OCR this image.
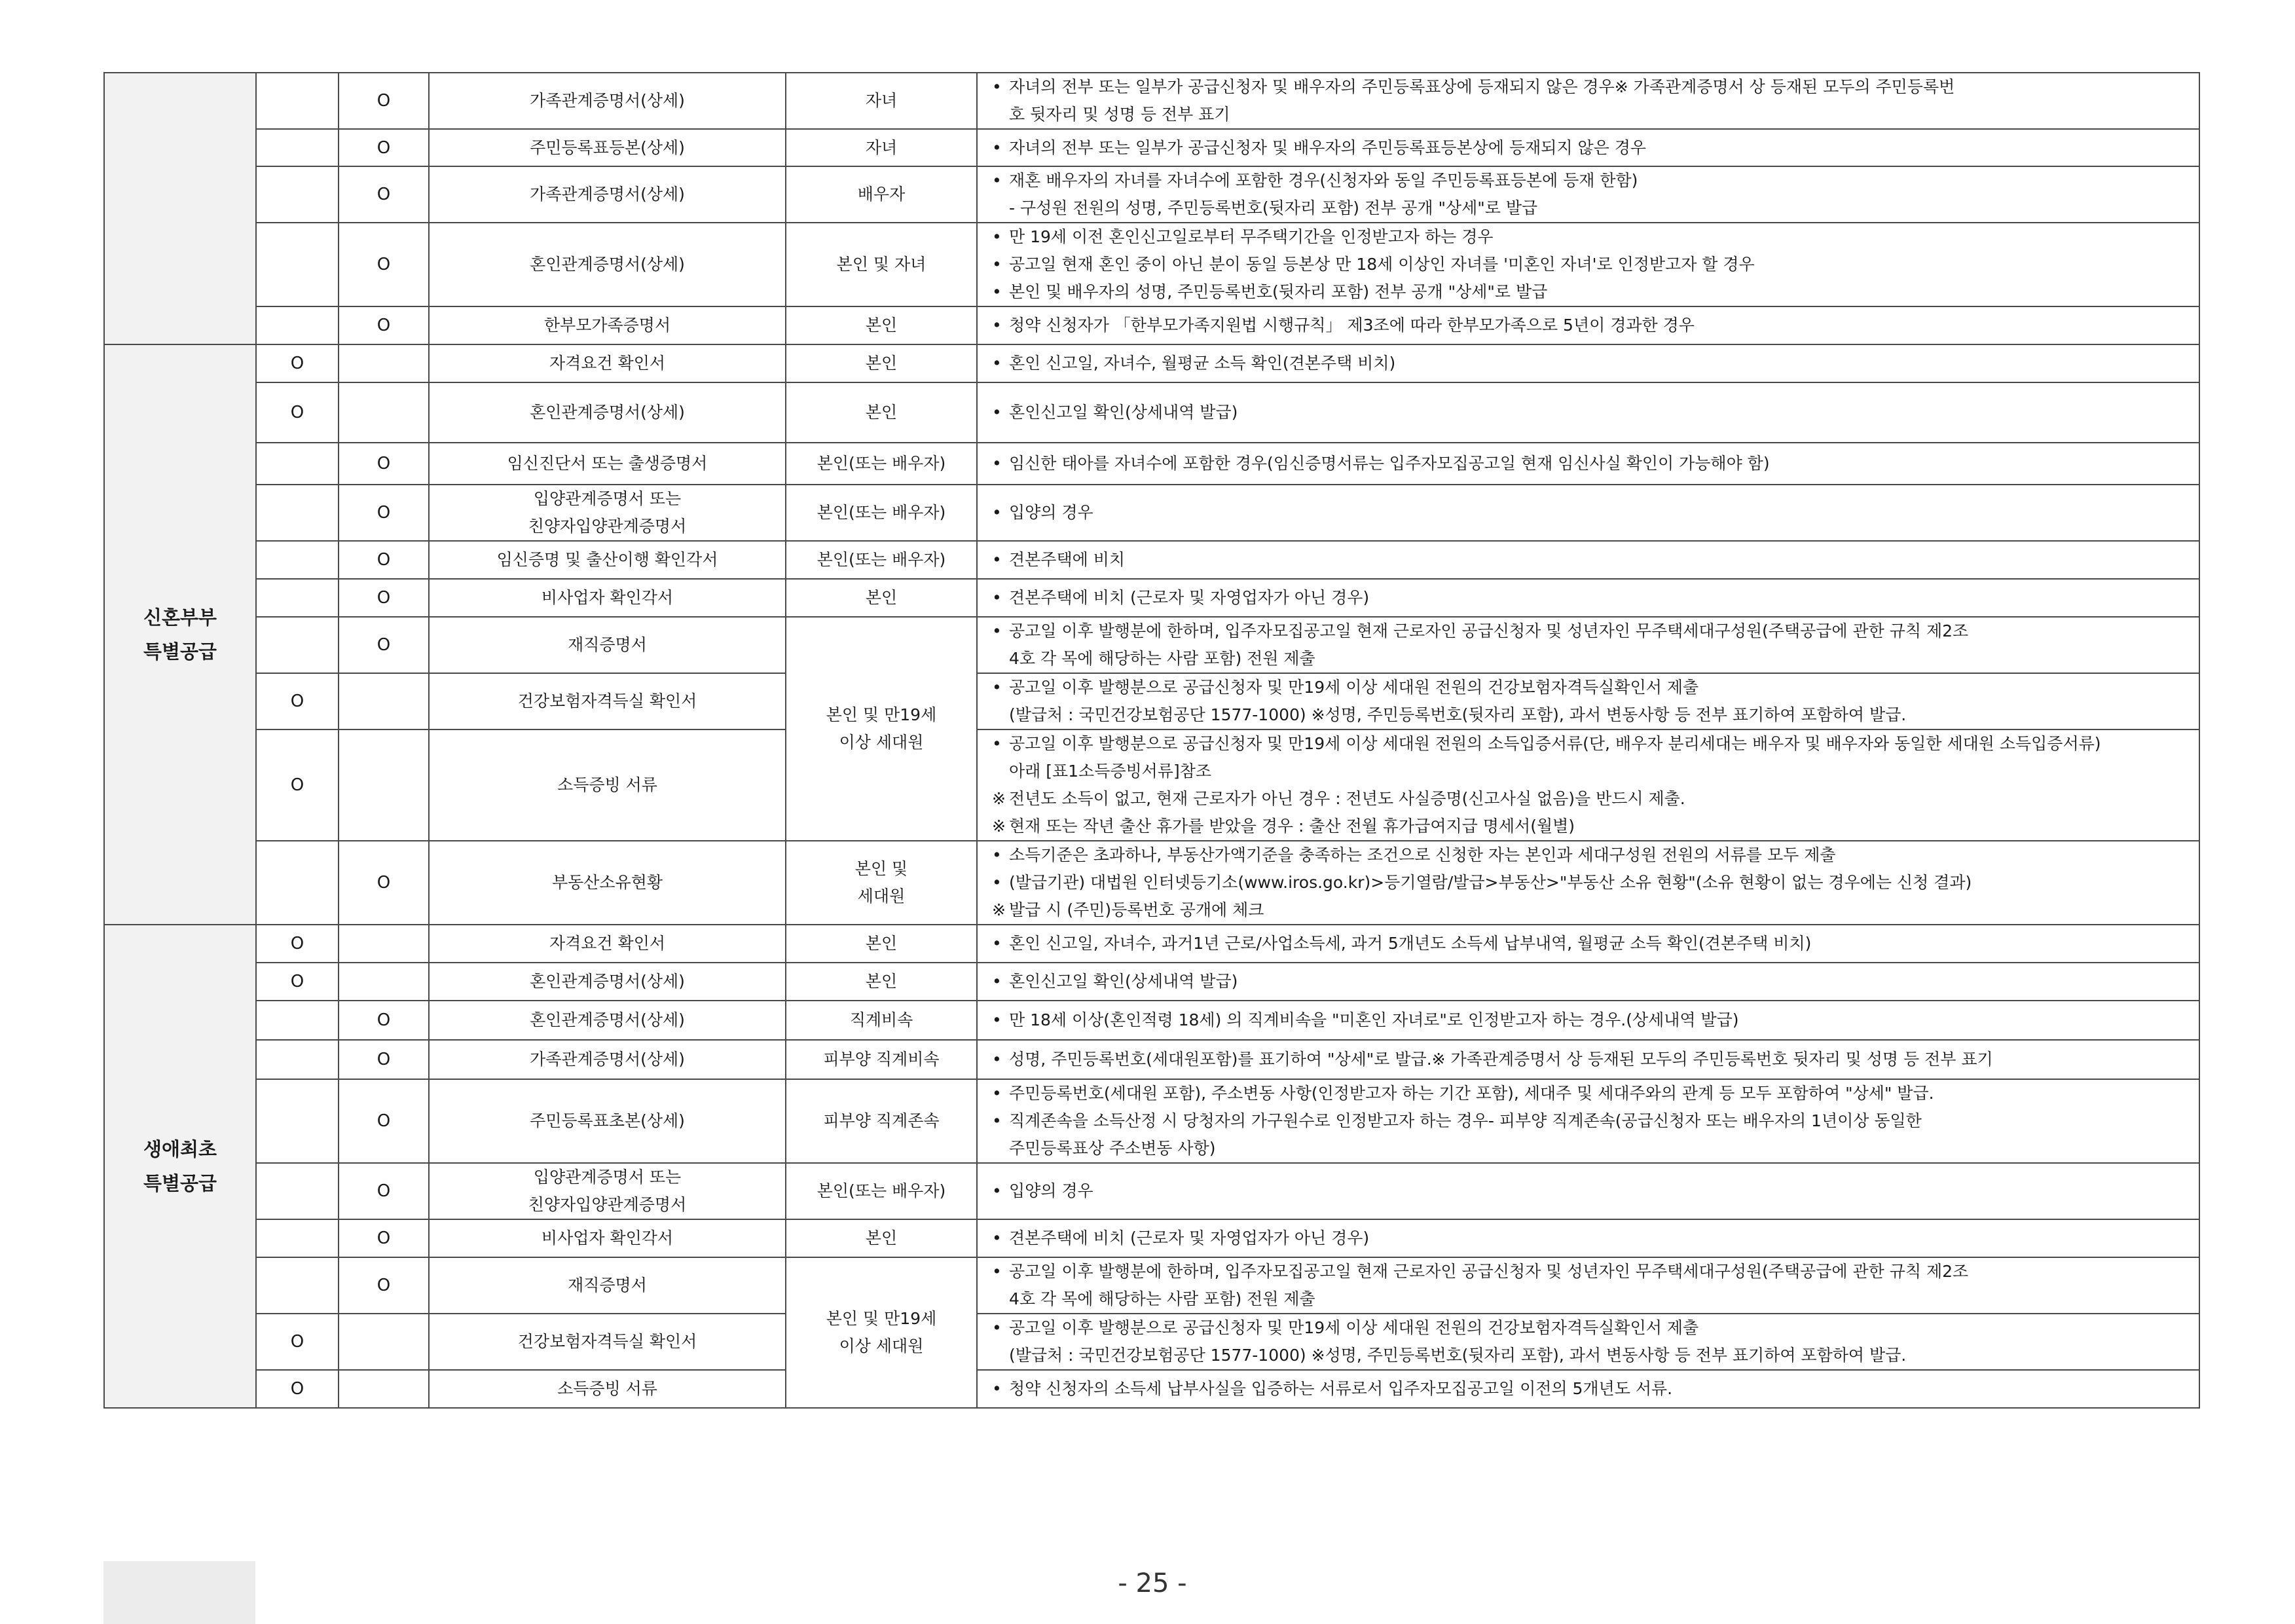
		O	가족관계증명서(상세)	자녀	• 자녀의 전부 또는 일부가 공급신청자 및 배우자의 주민등록표상에 등재되지 않은 경우※ 가족관계증명서 상 등재된 모두의 주민등록번
호 뒷자리 및 성명 등 전부 표기

		O	주민등록표등본(상세)	자녀	• 자녀의 전부 또는 일부가 공급신청자 및 배우자의 주민등록표등본상에 등재되지 않은 경우

		O	가족관계증명서(상세)	배우자	• 재혼 배우자의 자녀를 자녀수에 포함한 경우(신청자와 동일 주민등록표등본에 등재 한함)
- 구성원 전원의 성명, 주민등록번호(뒷자리 포함) 전부 공개 "상세"로 발급

		O	혼인관계증명서(상세)	본인 및 자녀	• 만 19세 이전 혼인신고일로부터 무주택기간을 인정받고자 하는 경우
• 공고일 현재 혼인 중이 아닌 분이 동일 등본상 만 18세 이상인 자녀를 '미혼인 자녀'로 인정받고자 할 경우
• 본인 및 배우자의 성명, 주민등록번호(뒷자리 포함) 전부 공개 "상세"로 발급

		O	한부모가족증명서	본인	• 청약 신청자가 「한부모가족지원법 시행규칙」 제3조에 따라 한부모가족으로 5년이 경과한 경우

신혼부부
특별공급	O		자격요건 확인서	본인	• 혼인 신고일, 자녀수, 월평균 소득 확인(견본주택 비치)

	O		혼인관계증명서(상세)	본인	• 혼인신고일 확인(상세내역 발급)

		O	임신진단서 또는 출생증명서	본인(또는 배우자)	• 임신한 태아를 자녀수에 포함한 경우(임신증명서류는 입주자모집공고일 현재 임신사실 확인이 가능해야 함)

		O	입양관계증명서 또는
친양자입양관계증명서	본인(또는 배우자)	• 입양의 경우

		O	임신증명 및 출산이행 확인각서	본인(또는 배우자)	• 견본주택에 비치

		O	비사업자 확인각서	본인	• 견본주택에 비치 (근로자 및 자영업자가 아닌 경우)

		O	재직증명서	본인 및 만19세
이상 세대원	• 공고일 이후 발행분에 한하며, 입주자모집공고일 현재 근로자인 공급신청자 및 성년자인 무주택세대구성원(주택공급에 관한 규칙 제2조
4호 각 목에 해당하는 사람 포함) 전원 제출

	O		건강보험자격득실 확인서		• 공고일 이후 발행분으로 공급신청자 및 만19세 이상 세대원 전원의 건강보험자격득실확인서 제출
(발급처 : 국민건강보험공단 1577-1000) ※성명, 주민등록번호(뒷자리 포함), 과서 변동사항 등 전부 표기하여 포함하여 발급.

	O		소득증빙 서류		• 공고일 이후 발행분으로 공급신청자 및 만19세 이상 세대원 전원의 소득입증서류(단, 배우자 분리세대는 배우자 및 배우자와 동일한 세대원 소득입증서류)
아래 [표1소득증빙서류]참조
※ 전년도 소득이 없고, 현재 근로자가 아닌 경우 : 전년도 사실증명(신고사실 없음)을 반드시 제출.
※ 현재 또는 작년 출산 휴가를 받았을 경우 : 출산 전월 휴가급여지급 명세서(월별)

		O	부동산소유현황	본인 및
세대원	• 소득기준은 초과하나, 부동산가액기준을 충족하는 조건으로 신청한 자는 본인과 세대구성원 전원의 서류를 모두 제출
• (발급기관) 대법원 인터넷등기소(www.iros.go.kr)>등기열람/발급>부동산>"부동산 소유 현황"(소유 현황이 없는 경우에는 신청 결과)
※ 발급 시 (주민)등록번호 공개에 체크

생애최초
특별공급	O		자격요건 확인서	본인	• 혼인 신고일, 자녀수, 과거1년 근로/사업소득세, 과거 5개년도 소득세 납부내역, 월평균 소득 확인(견본주택 비치)

	O		혼인관계증명서(상세)	본인	• 혼인신고일 확인(상세내역 발급)

		O	혼인관계증명서(상세)	직계비속	• 만 18세 이상(혼인적령 18세) 의 직계비속을 "미혼인 자녀로"로 인정받고자 하는 경우.(상세내역 발급)

		O	가족관계증명서(상세)	피부양 직계비속	• 성명, 주민등록번호(세대원포함)를 표기하여 "상세"로 발급.※ 가족관계증명서 상 등재된 모두의 주민등록번호 뒷자리 및 성명 등 전부 표기

		O	주민등록표초본(상세)	피부양 직계존속	• 주민등록번호(세대원 포함), 주소변동 사항(인정받고자 하는 기간 포함), 세대주 및 세대주와의 관계 등 모두 포함하여 "상세" 발급.
• 직계존속을 소득산정 시 당청자의 가구원수로 인정받고자 하는 경우- 피부양 직계존속(공급신청자 또는 배우자의 1년이상 동일한
주민등록표상 주소변동 사항)

		O	입양관계증명서 또는
친양자입양관계증명서	본인(또는 배우자)	• 입양의 경우

		O	비사업자 확인각서	본인	• 견본주택에 비치 (근로자 및 자영업자가 아닌 경우)

		O	재직증명서	본인 및 만19세
이상 세대원	• 공고일 이후 발행분에 한하며, 입주자모집공고일 현재 근로자인 공급신청자 및 성년자인 무주택세대구성원(주택공급에 관한 규칙 제2조
4호 각 목에 해당하는 사람 포함) 전원 제출

	O		건강보험자격득실 확인서		• 공고일 이후 발행분으로 공급신청자 및 만19세 이상 세대원 전원의 건강보험자격득실확인서 제출
(발급처 : 국민건강보험공단 1577-1000) ※성명, 주민등록번호(뒷자리 포함), 과서 변동사항 등 전부 표기하여 포함하여 발급.

	O		소득증빙 서류		• 청약 신청자의 소득세 납부사실을 입증하는 서류로서 입주자모집공고일 이전의 5개년도 서류.
- 25 -
